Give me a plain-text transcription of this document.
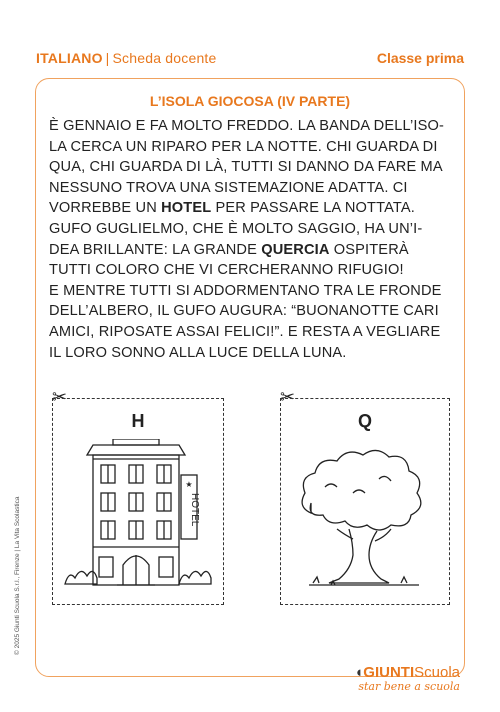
ITALIANO | Scheda docente	Classe prima
L’ISOLA GIOCOSA (IV PARTE)

È GENNAIO E FA MOLTO FREDDO. LA BANDA DELL’ISO-LA CERCA UN RIPARO PER LA NOTTE. CHI GUARDA DI QUA, CHI GUARDA DI LÀ, TUTTI SI DANNO DA FARE MA NESSUNO TROVA UNA SISTEMAZIONE ADATTA. CI VORREBBE UN HOTEL PER PASSARE LA NOTTATA.

GUFO GUGLIELMO, CHE È MOLTO SAGGIO, HA UN’I-DEA BRILLANTE: LA GRANDE QUERCIA OSPITERÀ TUTTI COLORO CHE VI CERCHERANNO RIFUGIO!

E MENTRE TUTTI SI ADDORMENTANO TRA LE FRONDE DELL’ALBERO, IL GUFO AUGURA: “BUONANOTTE CARI AMICI, RIPOSATE ASSAI FELICI!”. E RESTA A VEGLIARE IL LORO SONNO ALLA LUCE DELLA LUNA.

✂
H
★
HOTEL
✂
Q
© 2025 Giunti Scuola S.r.l., Firenze | La Vita Scolastica
◖GIUNTIScuola
star bene a scuola
